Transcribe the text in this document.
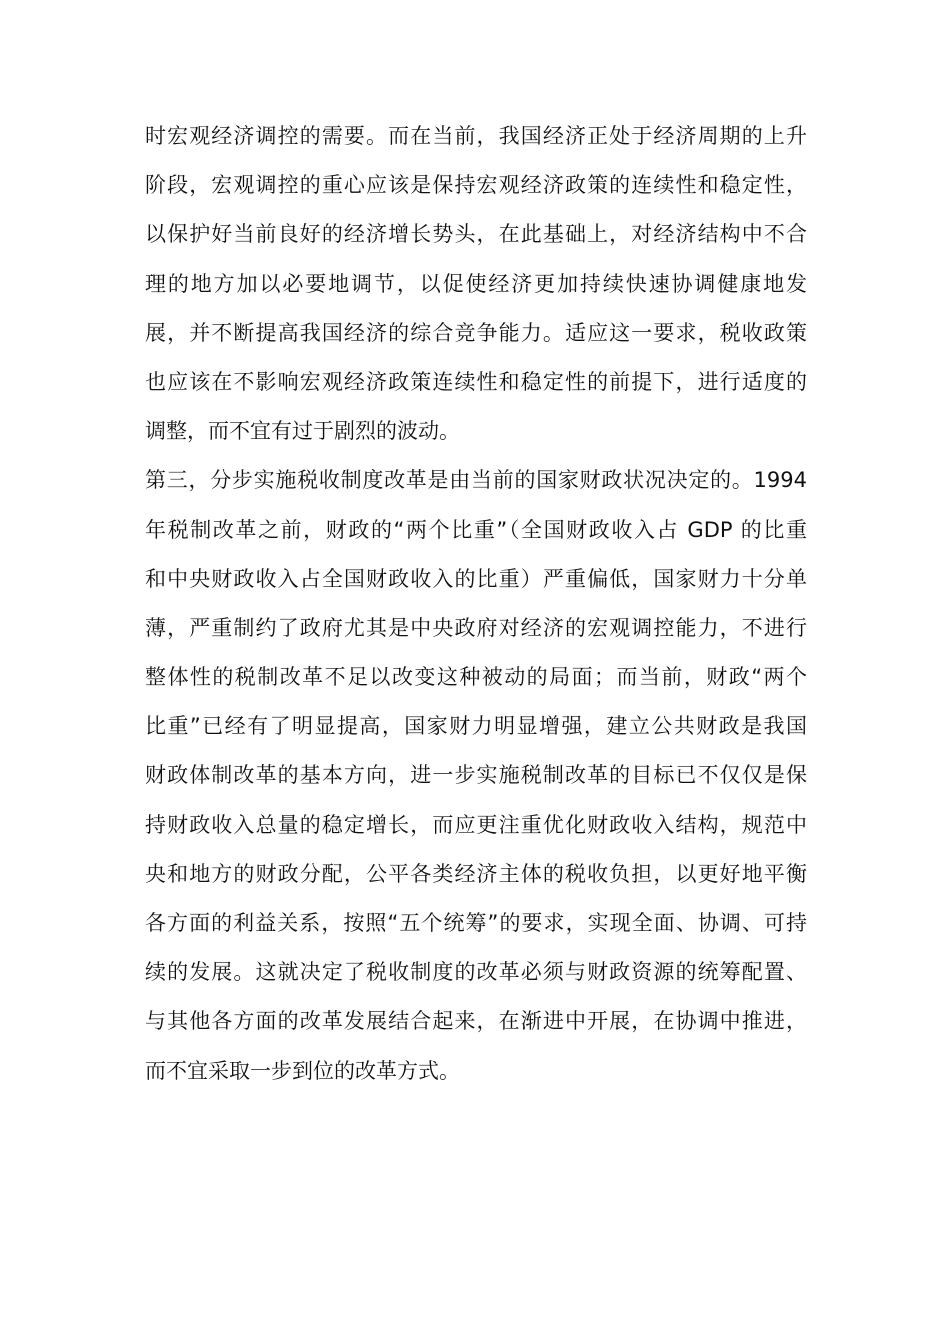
时宏观经济调控的需要。而在当前，我国经济正处于经济周期的上升
阶段，宏观调控的重心应该是保持宏观经济政策的连续性和稳定性，
以保护好当前良好的经济增长势头，在此基础上，对经济结构中不合
理的地方加以必要地调节，以促使经济更加持续快速协调健康地发
展，并不断提高我国经济的综合竞争能力。适应这一要求，税收政策
也应该在不影响宏观经济政策连续性和稳定性的前提下，进行适度的
调整，而不宜有过于剧烈的波动。
第三，分步实施税收制度改革是由当前的国家财政状况决定的。1994
年税制改革之前，财政的“两个比重”（全国财政收入占 GDP 的比重
和中央财政收入占全国财政收入的比重）严重偏低，国家财力十分单
薄，严重制约了政府尤其是中央政府对经济的宏观调控能力，不进行
整体性的税制改革不足以改变这种被动的局面；而当前，财政“两个
比重”已经有了明显提高，国家财力明显增强，建立公共财政是我国
财政体制改革的基本方向，进一步实施税制改革的目标已不仅仅是保
持财政收入总量的稳定增长，而应更注重优化财政收入结构，规范中
央和地方的财政分配，公平各类经济主体的税收负担，以更好地平衡
各方面的利益关系，按照“五个统筹”的要求，实现全面、协调、可持
续的发展。这就决定了税收制度的改革必须与财政资源的统筹配置、
与其他各方面的改革发展结合起来，在渐进中开展，在协调中推进，
而不宜采取一步到位的改革方式。
